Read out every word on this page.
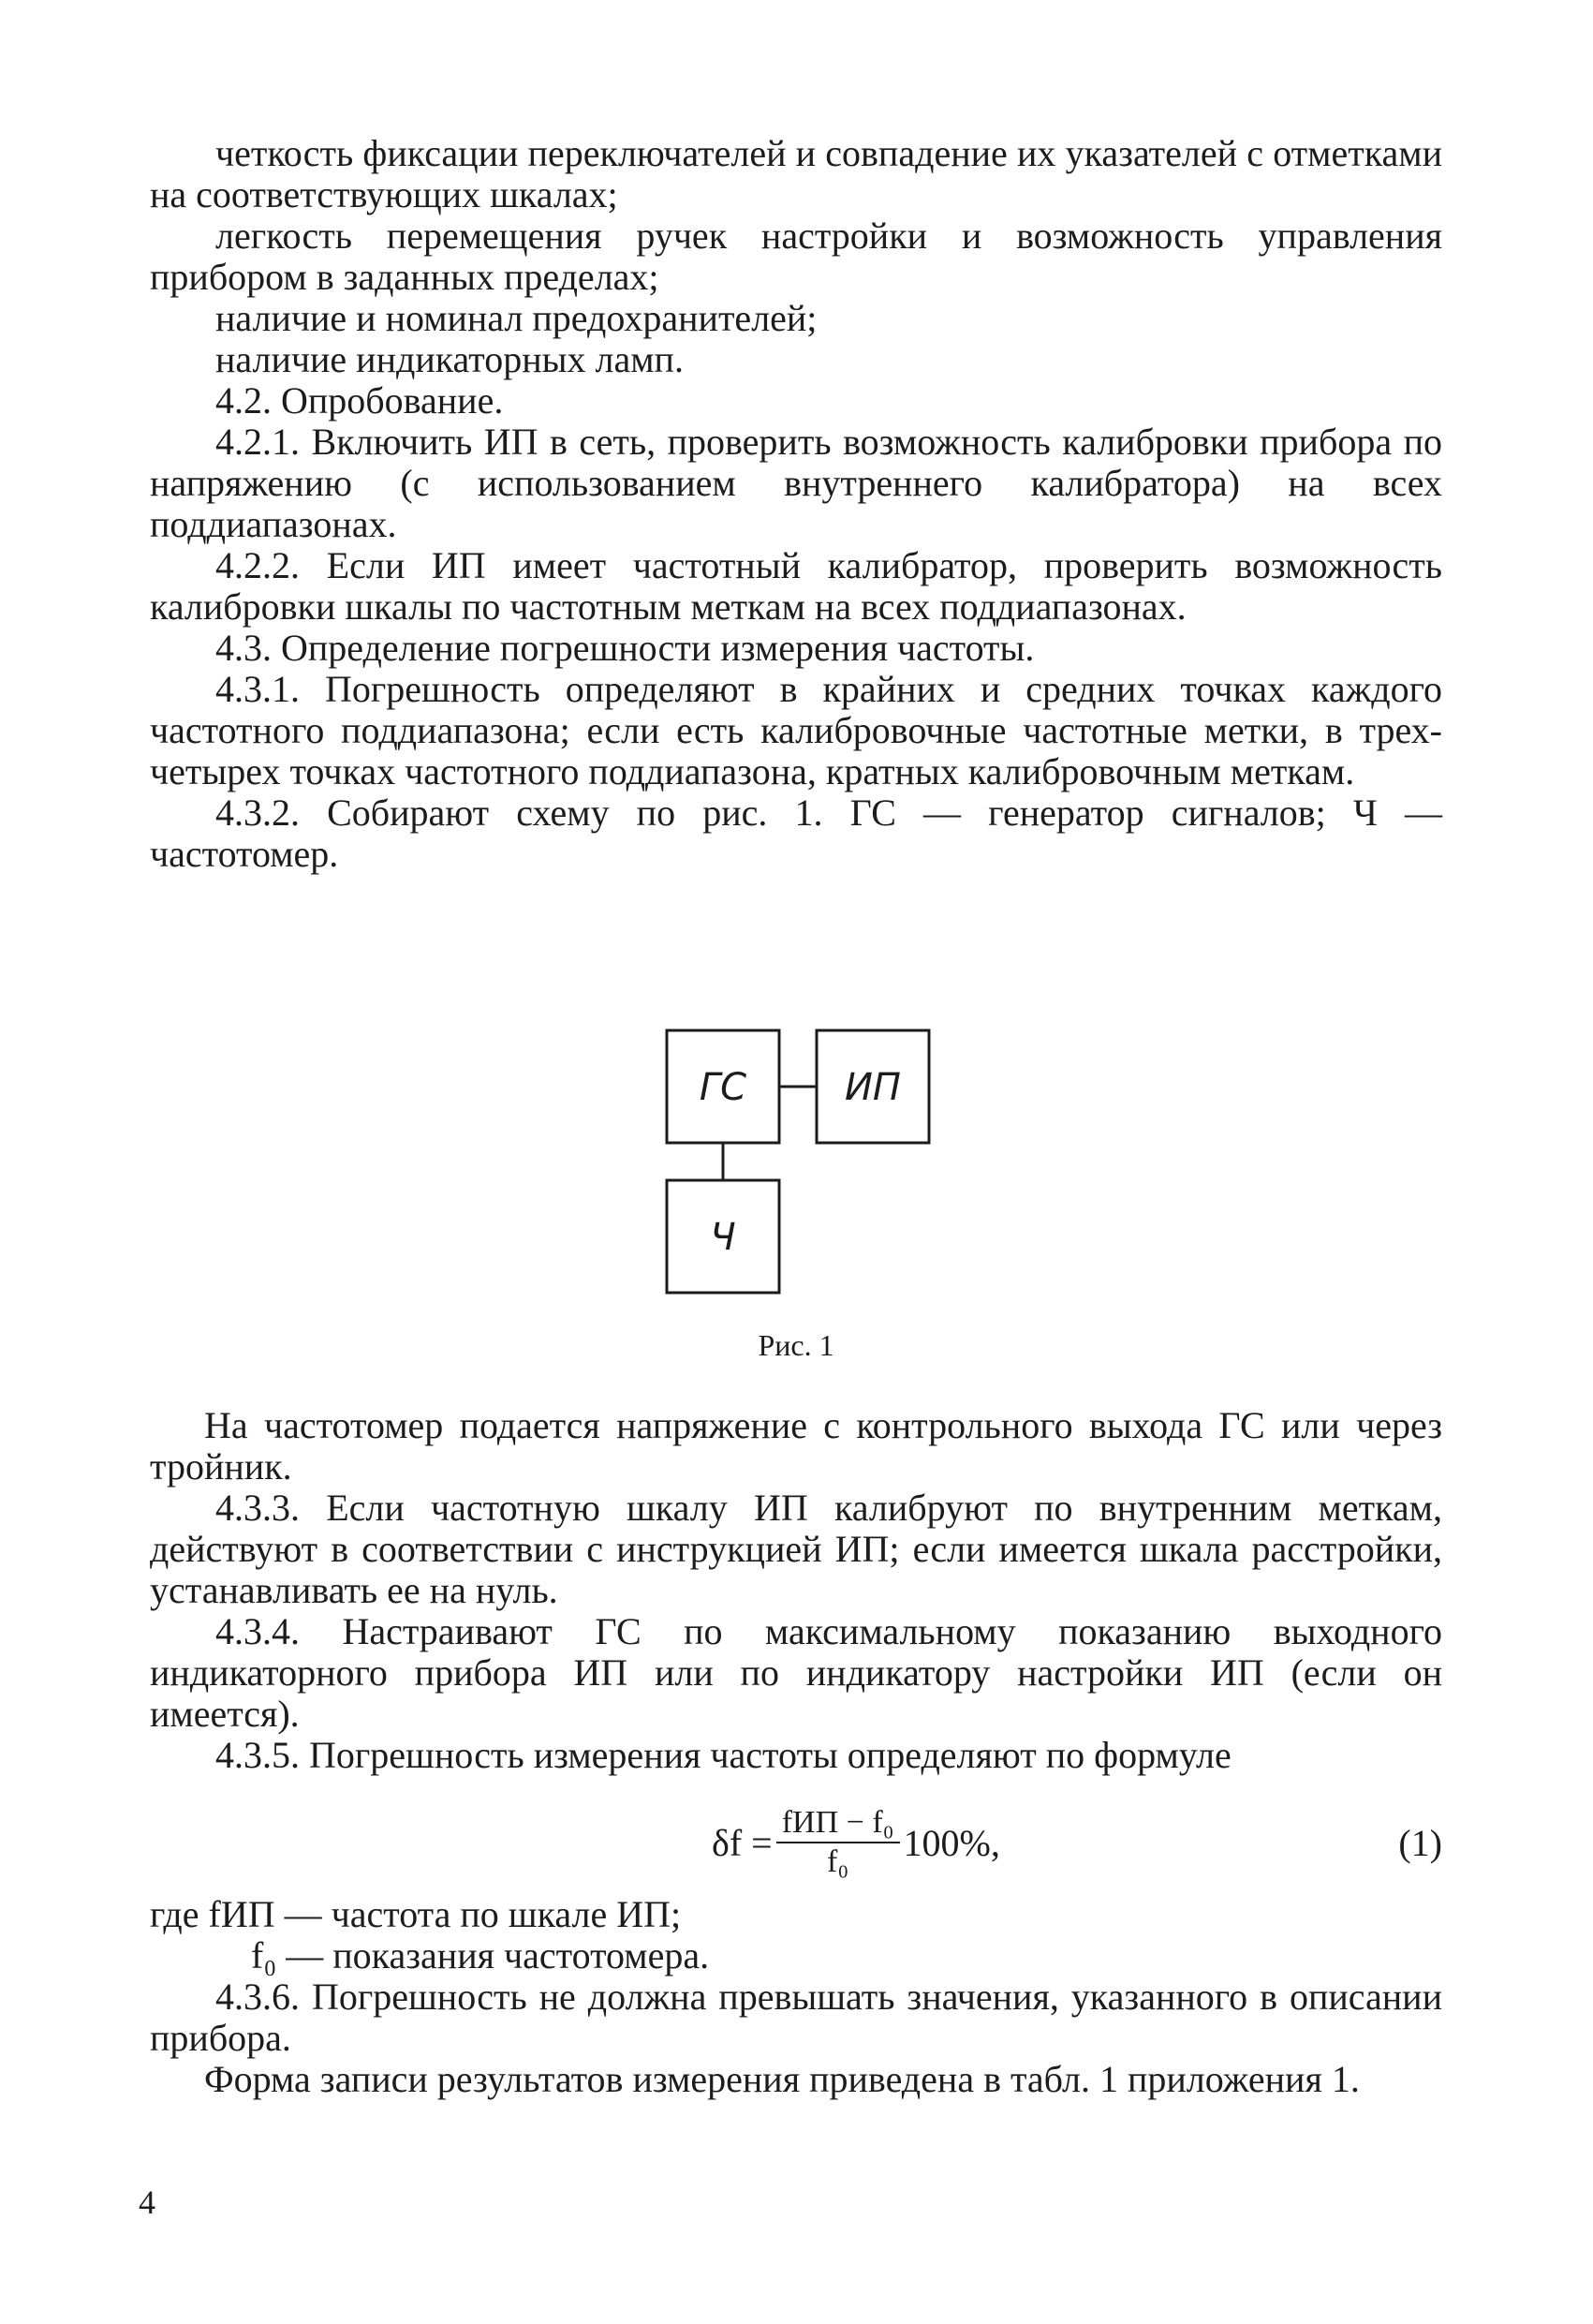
четкость фиксации переключателей и совпадение их указателей с отметками на соответствующих шкалах;

легкость перемещения ручек настройки и возможность управления прибором в заданных пределах;

наличие и номинал предохранителей;

наличие индикаторных ламп.

4.2. Опробование.

4.2.1. Включить ИП в сеть, проверить возможность калибровки прибора по напряжению (с использованием внутреннего калибратора) на всех поддиапазонах.

4.2.2. Если ИП имеет частотный калибратор, проверить возможность калибровки шкалы по частотным меткам на всех поддиапазонах.

4.3. Определение погрешности измерения частоты.

4.3.1. Погрешность определяют в крайних и средних точках каждого частотного поддиапазона; если есть калибровочные частотные метки, в трех-четырех точках частотного поддиапазона, кратных калибровочным меткам.

4.3.2. Собирают схему по рис. 1. ГС — генератор сигналов; Ч — частотомер.

ГС	ИП
Ч
Рис. 1

На частотомер подается напряжение с контрольного выхода ГС или через тройник.

4.3.3. Если частотную шкалу ИП калибруют по внутренним меткам, действуют в соответствии с инструкцией ИП; если имеется шкала расстройки, устанавливать ее на нуль.

4.3.4. Настраивают ГС по максимальному показанию выходного индикаторного прибора ИП или по индикатору настройки ИП (если он имеется).

4.3.5. Погрешность измерения частоты определяют по формуле

$\delta f = \frac{\text{fИП − f₀}}{\text{f₀}} 100\%$,	(1)

где fИП — частота по шкале ИП;

f₀ — показания частотомера.

4.3.6. Погрешность не должна превышать значения, указанного в описании прибора.

Форма записи результатов измерения приведена в табл. 1 приложения 1.

4
